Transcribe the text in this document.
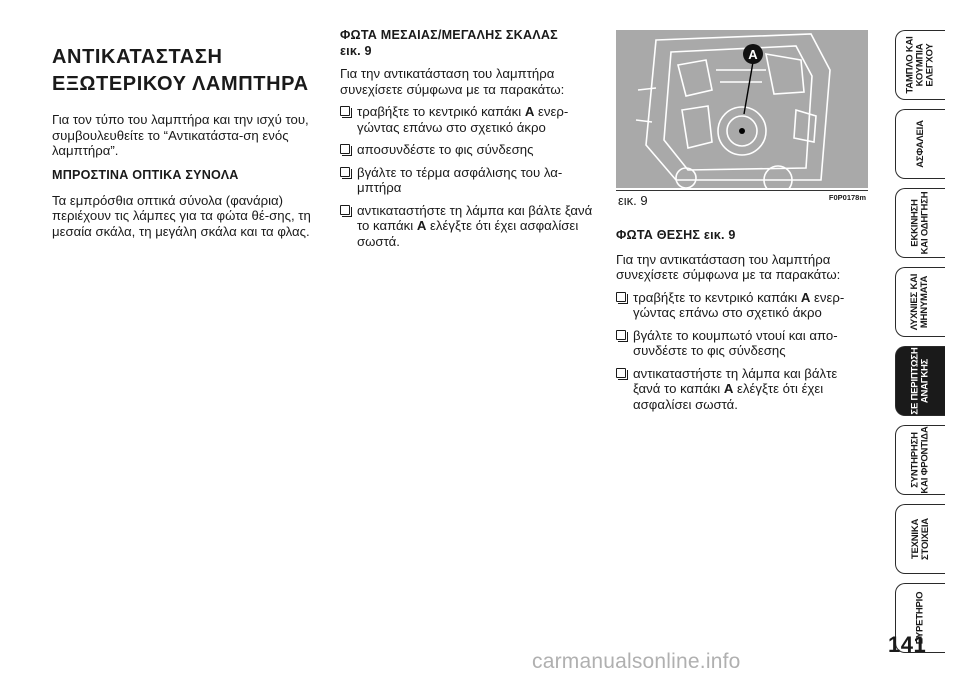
ΑΝΤΙΚΑΤΑΣΤΑΣΗ
ΕΞΩΤΕΡΙΚΟΥ ΛΑΜΠΤΗΡΑ

Για τον τύπο του λαμπτήρα και την ισχύ του, συμβουλευθείτε το “Αντικατάστα-ση ενός λαμπτήρα”.

ΜΠΡΟΣΤΙΝΑ ΟΠΤΙΚΑ ΣΥΝΟΛΑ

Τα εμπρόσθια οπτικά σύνολα (φανάρια) περιέχουν τις λάμπες για τα φώτα θέ-σης, τη μεσαία σκάλα, τη μεγάλη σκάλα και τα φλας.

ΦΩΤΑ ΜΕΣΑΙΑΣ/ΜΕΓΑΛΗΣ ΣΚΑΛΑΣ

εικ. 9

Για την αντικατάσταση του λαμπτήρα συνεχίσετε σύμφωνα με τα παρακάτω:

τραβήξτε το κεντρικό καπάκι A ενερ-γώντας επάνω στο σχετικό άκρο

αποσυνδέστε το φις σύνδεσης

βγάλτε το τέρμα ασφάλισης του λα-μπτήρα

αντικαταστήστε τη λάμπα και βάλτε ξανά το καπάκι A ελέγξτε ότι έχει ασφαλίσει σωστά.

A
εικ. 9	F0P0178m

ΦΩΤΑ ΘΕΣΗΣ εικ. 9

Για την αντικατάσταση του λαμπτήρα συνεχίσετε σύμφωνα με τα παρακάτω:

τραβήξτε το κεντρικό καπάκι A ενερ-γώντας επάνω στο σχετικό άκρο

βγάλτε το κουμπωτό ντουί και απο-συνδέστε το φις σύνδεσης

αντικαταστήστε τη λάμπα και βάλτε ξανά το καπάκι A ελέγξτε ότι έχει ασφαλίσει σωστά.

ΤΑΜΠΛΟ ΚΑΙ
ΚΟΥΜΠΙΑ
ΕΛΕΓΧΟΥ
ΑΣΦΑΛΕΙΑ
ΕΚΚΙΝΗΣΗ
ΚΑΙ ΟΔΗΓΗΣΗ
ΛΥΧΝΙΕΣ ΚΑΙ
ΜΗΝΥΜΑΤΑ
ΣΕ ΠΕΡΙΠΤΩΣΗ
ΑΝΑΓΚΗΣ
ΣΥΝΤΗΡΗΣΗ
ΚΑΙ ΦΡΟΝΤΙΔΑ
ΤΕΧΝΙΚΑ
ΣΤΟΙΧΕΙΑ
ΕΥΡΕΤΗΡΙΟ
141
carmanualsonline.info
